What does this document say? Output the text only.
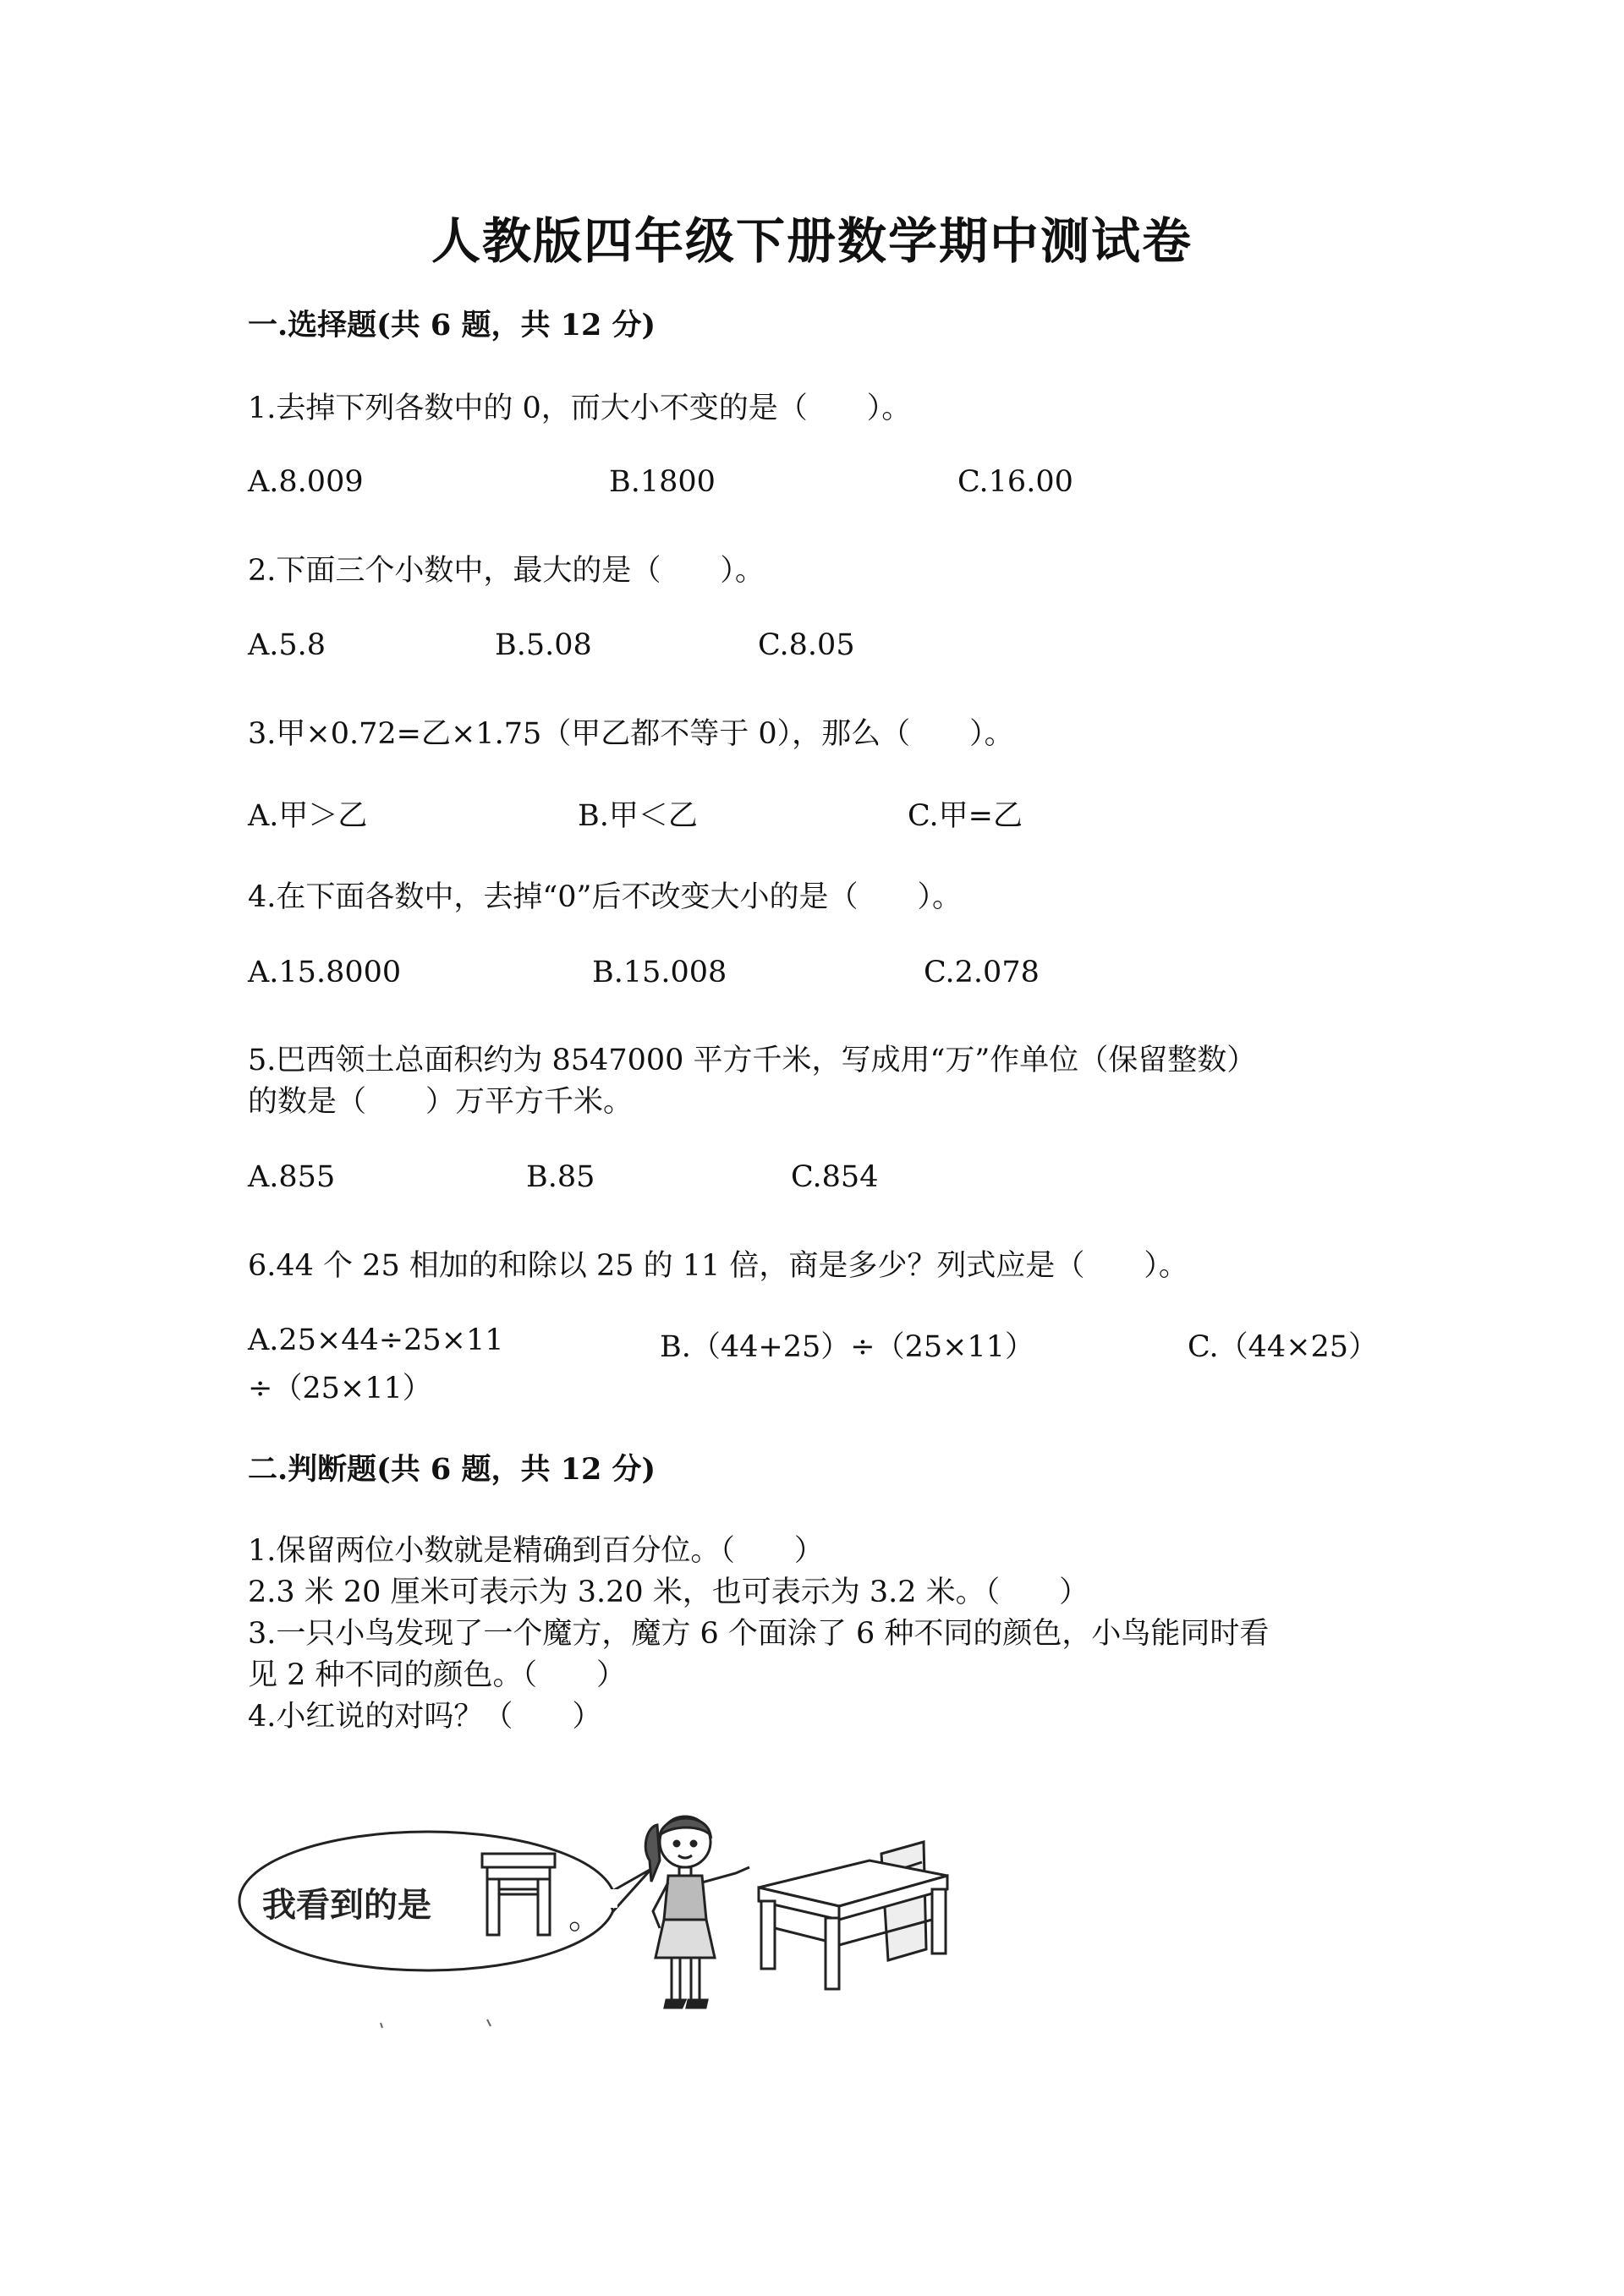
人教版四年级下册数学期中测试卷
一.选择题(共 6 题，共 12 分)
1.去掉下列各数中的 0，而大小不变的是（　　）。
A.8.009	B.1800	C.16.00
2.下面三个小数中，最大的是（　　）。
A.5.8	B.5.08	C.8.05
3.甲×0.72=乙×1.75（甲乙都不等于 0），那么（　　）。
A.甲＞乙	B.甲＜乙	C.甲=乙
4.在下面各数中，去掉“0”后不改变大小的是（　　）。
A.15.8000	B.15.008	C.2.078
5.巴西领土总面积约为 8547000 平方千米，写成用“万”作单位（保留整数）
的数是（　　）万平方千米。
A.855	B.85	C.854
6.44 个 25 相加的和除以 25 的 11 倍，商是多少？列式应是（　　）。
A.25×44÷25×11	B.（44+25）÷（25×11）	C.（44×25）
÷（25×11）
二.判断题(共 6 题，共 12 分)
1.保留两位小数就是精确到百分位。（　　）
2.3 米 20 厘米可表示为 3.20 米，也可表示为 3.2 米。（　　）
3.一只小鸟发现了一个魔方，魔方 6 个面涂了 6 种不同的颜色，小鸟能同时看
见 2 种不同的颜色。（　　）
4.小红说的对吗？（　　）
我看到的是	。
